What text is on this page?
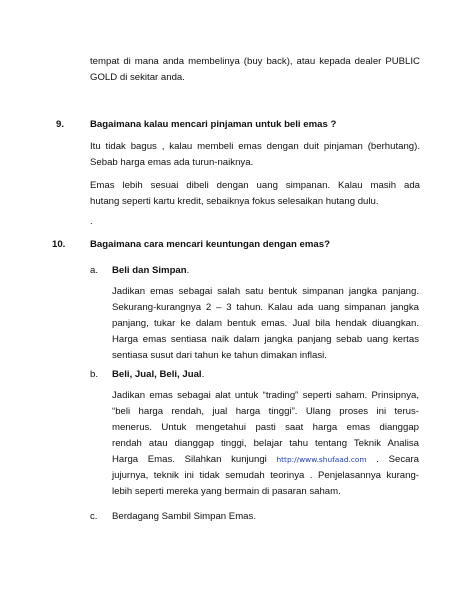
tempat di mana anda membelinya (buy back), atau kepada dealer PUBLIC
GOLD di sekitar anda.
9.	Bagaimana kalau mencari pinjaman untuk beli emas ?
Itu tidak bagus , kalau membeli emas dengan duit pinjaman (berhutang).
Sebab harga emas ada turun-naiknya.
Emas lebih sesuai dibeli dengan uang simpanan. Kalau masih ada
hutang seperti kartu kredit, sebaiknya fokus selesaikan hutang dulu.
.
10.	Bagaimana cara mencari keuntungan dengan emas?
a. Beli dan Simpan.
Jadikan emas sebagai salah satu bentuk simpanan jangka panjang.
Sekurang-kurangnya 2 – 3 tahun. Kalau ada uang simpanan jangka
panjang, tukar ke dalam bentuk emas. Jual bila hendak diuangkan.
Harga emas sentiasa naik dalam jangka panjang sebab uang kertas
sentiasa susut dari tahun ke tahun dimakan inflasi.
b. Beli, Jual, Beli, Jual.
Jadikan emas sebagai alat untuk “trading‟ seperti saham. Prinsipnya,
“beli harga rendah, jual harga tinggi”. Ulang proses ini terus-
menerus. Untuk mengetahui pasti saat harga emas dianggap
rendah atau dianggap tinggi, belajar tahu tentang Teknik Analisa
Harga Emas. Silahkan kunjungi http://www.shufaad.com . Secara
jujurnya, teknik ini tidak semudah teorinya . Penjelasannya kurang-
lebih seperti mereka yang bermain di pasaran saham.
c. Berdagang Sambil Simpan Emas.
